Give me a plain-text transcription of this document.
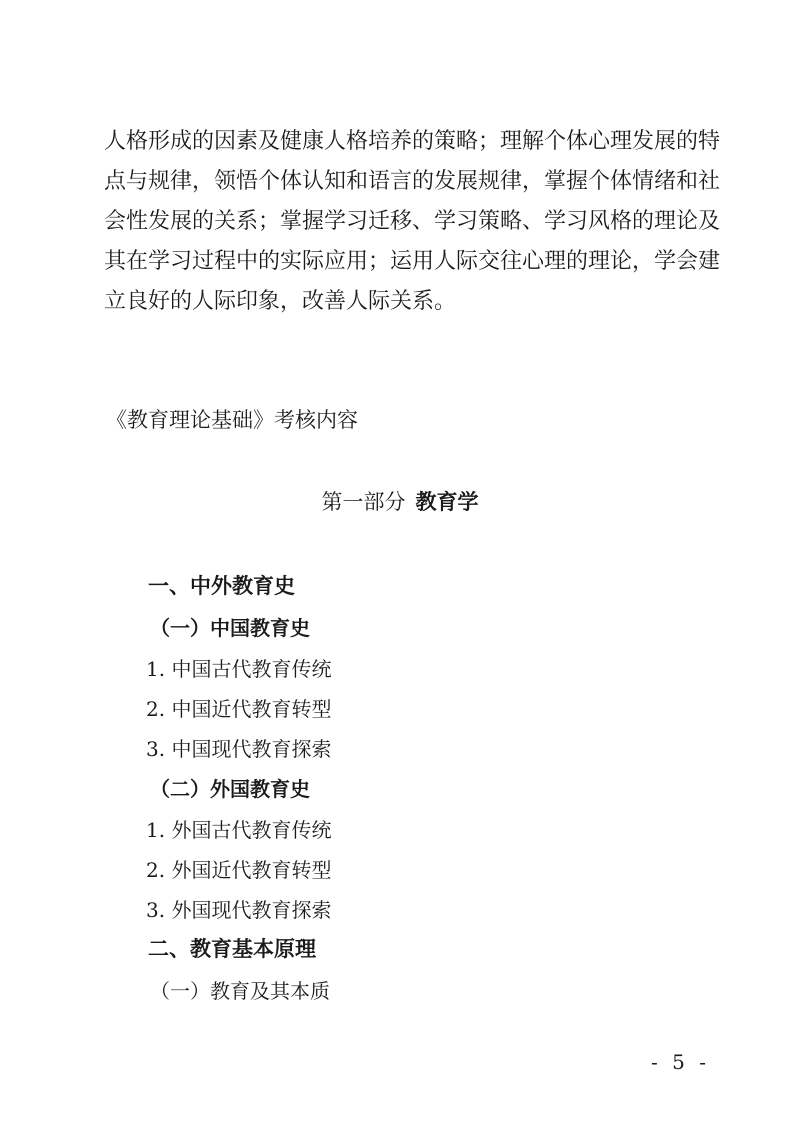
人格形成的因素及健康人格培养的策略；理解个体心理发展的特
点与规律，领悟个体认知和语言的发展规律，掌握个体情绪和社
会性发展的关系；掌握学习迁移、学习策略、学习风格的理论及
其在学习过程中的实际应用；运用人际交往心理的理论，学会建
立良好的人际印象，改善人际关系。
《教育理论基础》考核内容
第一部分 教育学
一、中外教育史
（一）中国教育史
1. 中国古代教育传统
2. 中国近代教育转型
3. 中国现代教育探索
（二）外国教育史
1. 外国古代教育传统
2. 外国近代教育转型
3. 外国现代教育探索
二、教育基本原理
（一）教育及其本质
- 5 -
